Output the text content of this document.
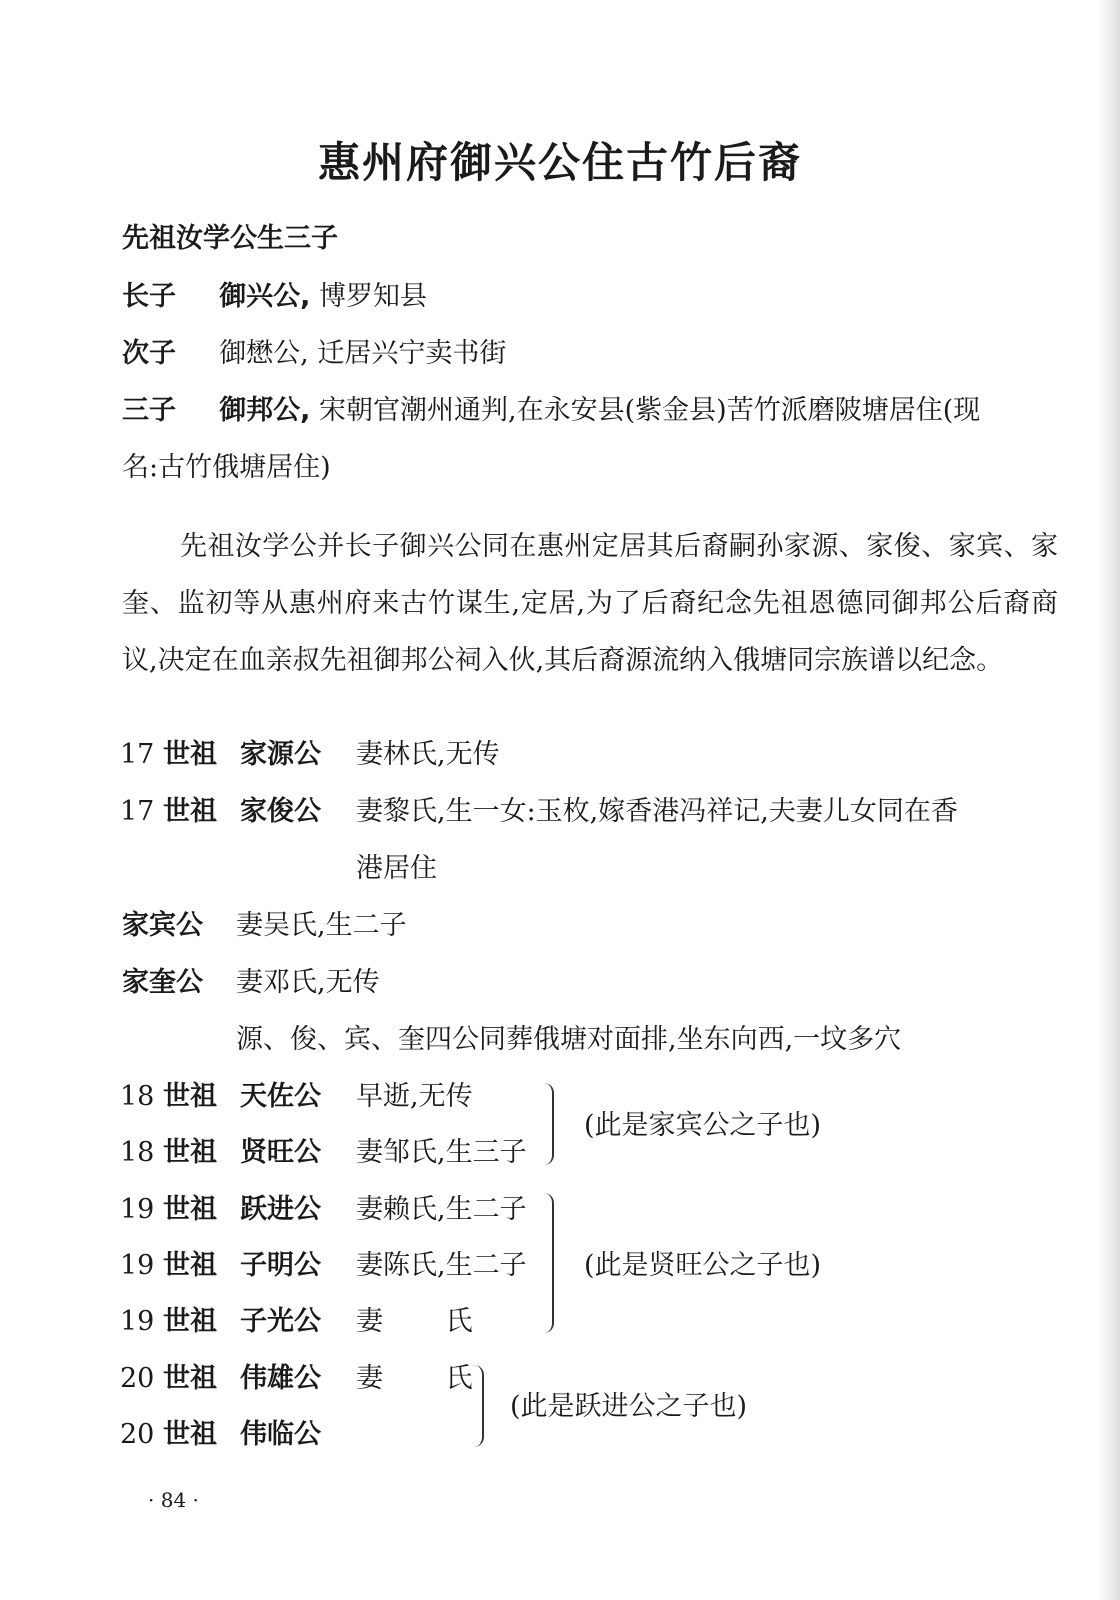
惠州府御兴公住古竹后裔
先祖汝学公生三子
长子 御兴公, 博罗知县
次子 御懋公, 迁居兴宁卖书街
三子 御邦公, 宋朝官潮州通判,在永安县(紫金县)苦竹派磨陂塘居住(现
名:古竹俄塘居住)
先祖汝学公并长子御兴公同在惠州定居其后裔嗣孙家源、家俊、家宾、家奎、监初等从惠州府来古竹谋生,定居,为了后裔纪念先祖恩德同御邦公后裔商议,决定在血亲叔先祖御邦公祠入伙,其后裔源流纳入俄塘同宗族谱以纪念。
17 世祖 家源公 妻林氏,无传
17 世祖 家俊公 妻黎氏,生一女:玉枚,嫁香港冯祥记,夫妻儿女同在香
港居住
家宾公 妻吴氏,生二子
家奎公 妻邓氏,无传
源、俊、宾、奎四公同葬俄塘对面排,坐东向西,一坟多穴
18 世祖 天佐公 早逝,无传
18 世祖 贤旺公 妻邹氏,生三子
(此是家宾公之子也)
19 世祖 跃进公 妻赖氏,生二子
19 世祖 子明公 妻陈氏,生二子
19 世祖 子光公 妻　　 氏
(此是贤旺公之子也)
20 世祖 伟雄公 妻　　 氏
20 世祖 伟临公
(此是跃进公之子也)
· 84 ·
